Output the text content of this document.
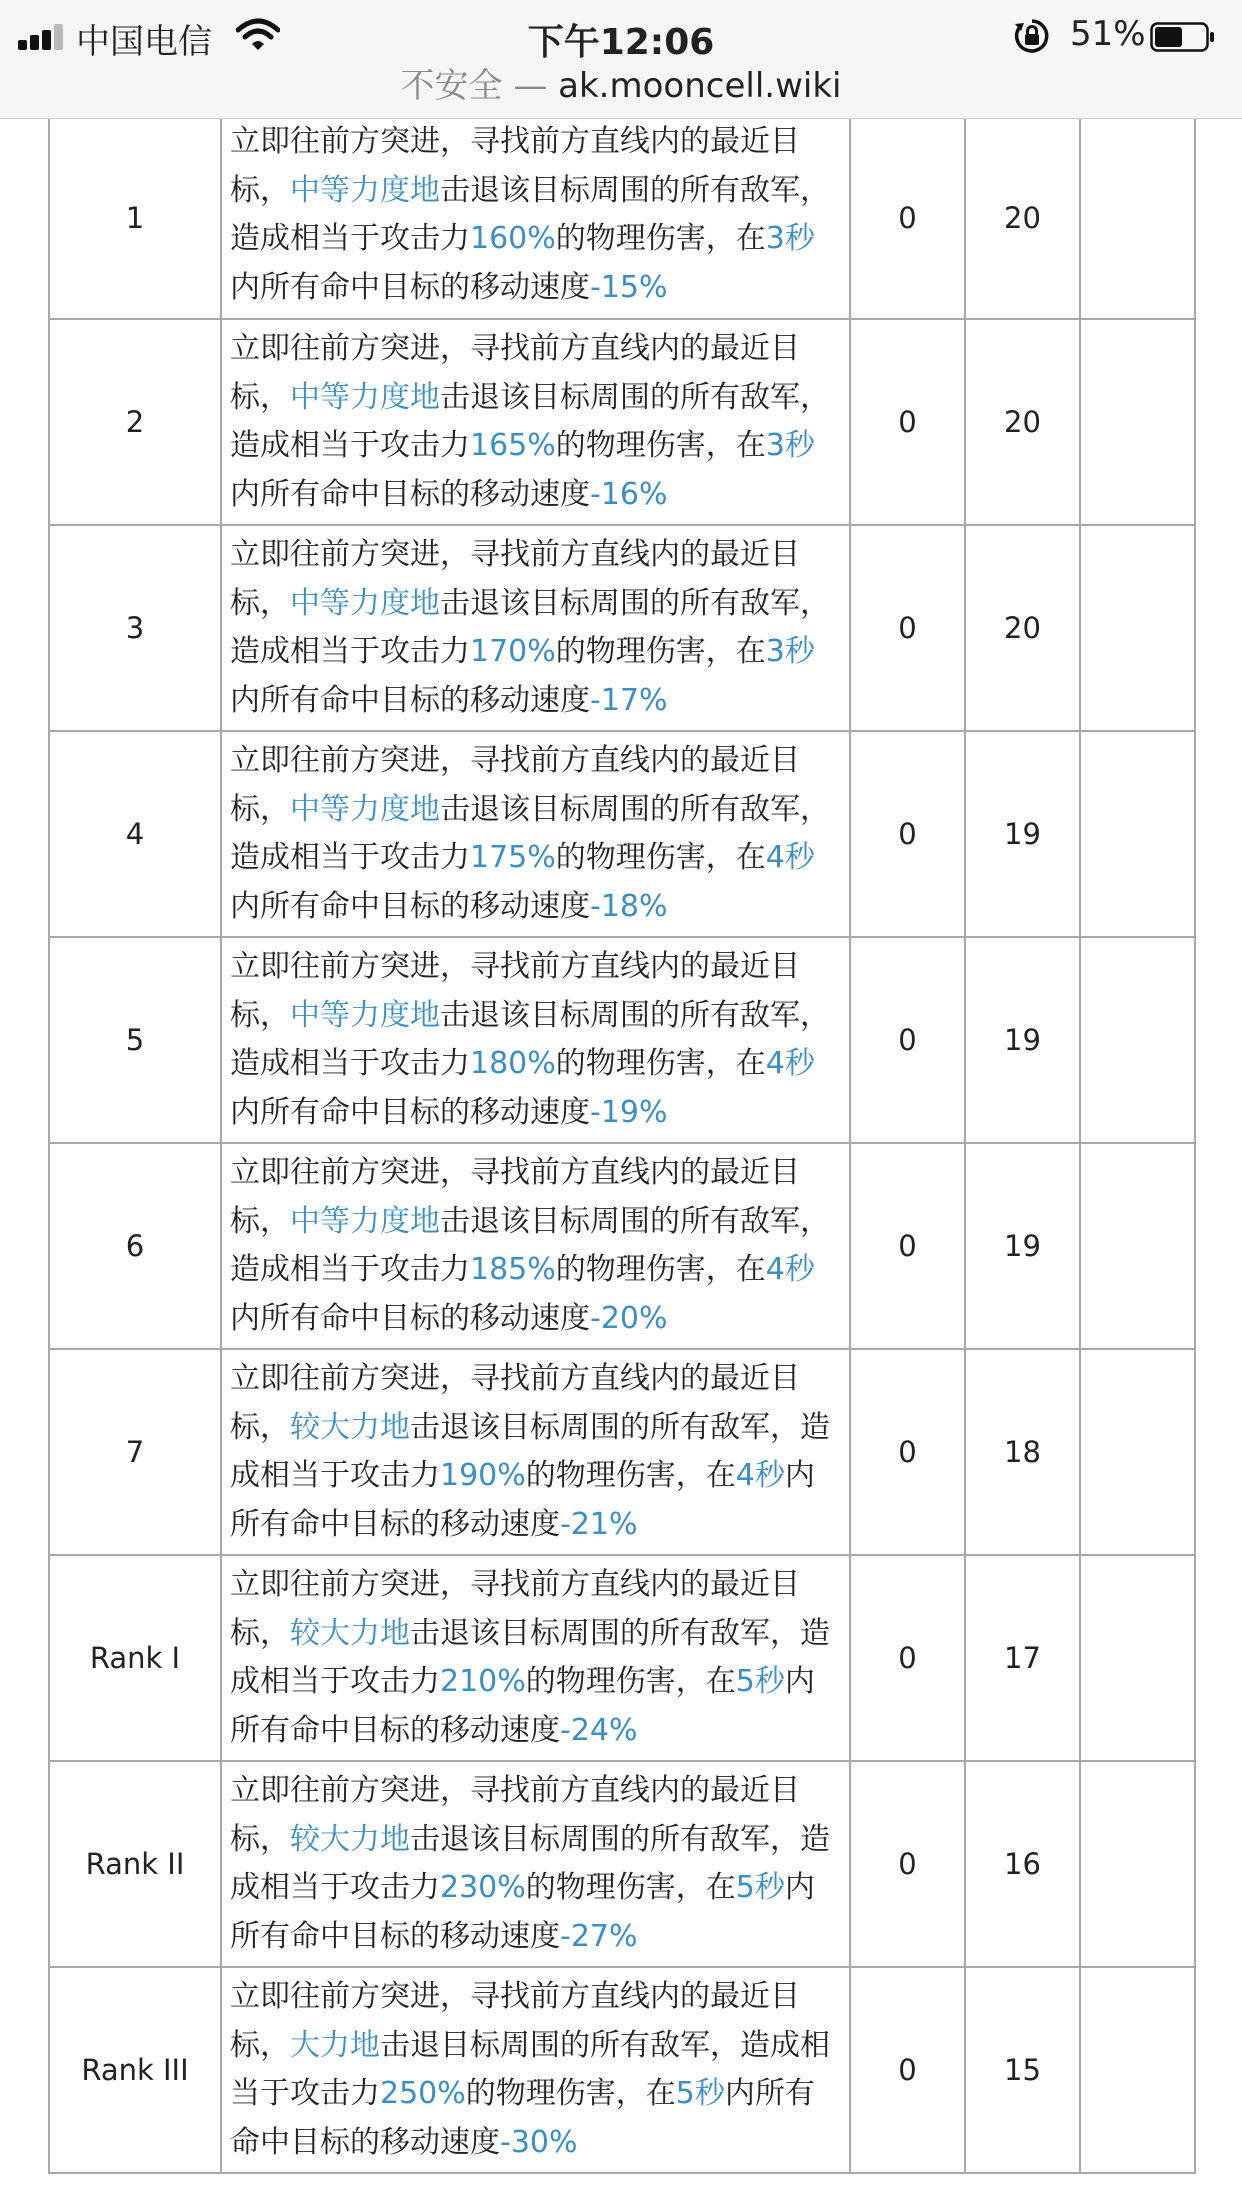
中国电信	下午12:06	51%
不安全 — ak.mooncell.wiki
1	立即往前方突进，寻找前方直线内的最近目标，中等力度地击退该目标周围的所有敌军，造成相当于攻击力160%的物理伤害，在3秒内所有命中目标的移动速度-15%	0	20	
2	立即往前方突进，寻找前方直线内的最近目标，中等力度地击退该目标周围的所有敌军，造成相当于攻击力165%的物理伤害，在3秒内所有命中目标的移动速度-16%	0	20	
3	立即往前方突进，寻找前方直线内的最近目标，中等力度地击退该目标周围的所有敌军，造成相当于攻击力170%的物理伤害，在3秒内所有命中目标的移动速度-17%	0	20	
4	立即往前方突进，寻找前方直线内的最近目标，中等力度地击退该目标周围的所有敌军，造成相当于攻击力175%的物理伤害，在4秒内所有命中目标的移动速度-18%	0	19	
5	立即往前方突进，寻找前方直线内的最近目标，中等力度地击退该目标周围的所有敌军，造成相当于攻击力180%的物理伤害，在4秒内所有命中目标的移动速度-19%	0	19	
6	立即往前方突进，寻找前方直线内的最近目标，中等力度地击退该目标周围的所有敌军，造成相当于攻击力185%的物理伤害，在4秒内所有命中目标的移动速度-20%	0	19	
7	立即往前方突进，寻找前方直线内的最近目标，较大力地击退该目标周围的所有敌军，造成相当于攻击力190%的物理伤害，在4秒内所有命中目标的移动速度-21%	0	18	
Rank I	立即往前方突进，寻找前方直线内的最近目标，较大力地击退该目标周围的所有敌军，造成相当于攻击力210%的物理伤害，在5秒内所有命中目标的移动速度-24%	0	17	
Rank II	立即往前方突进，寻找前方直线内的最近目标，较大力地击退该目标周围的所有敌军，造成相当于攻击力230%的物理伤害，在5秒内所有命中目标的移动速度-27%	0	16	
Rank III	立即往前方突进，寻找前方直线内的最近目标，大力地击退目标周围的所有敌军，造成相当于攻击力250%的物理伤害，在5秒内所有命中目标的移动速度-30%	0	15	
